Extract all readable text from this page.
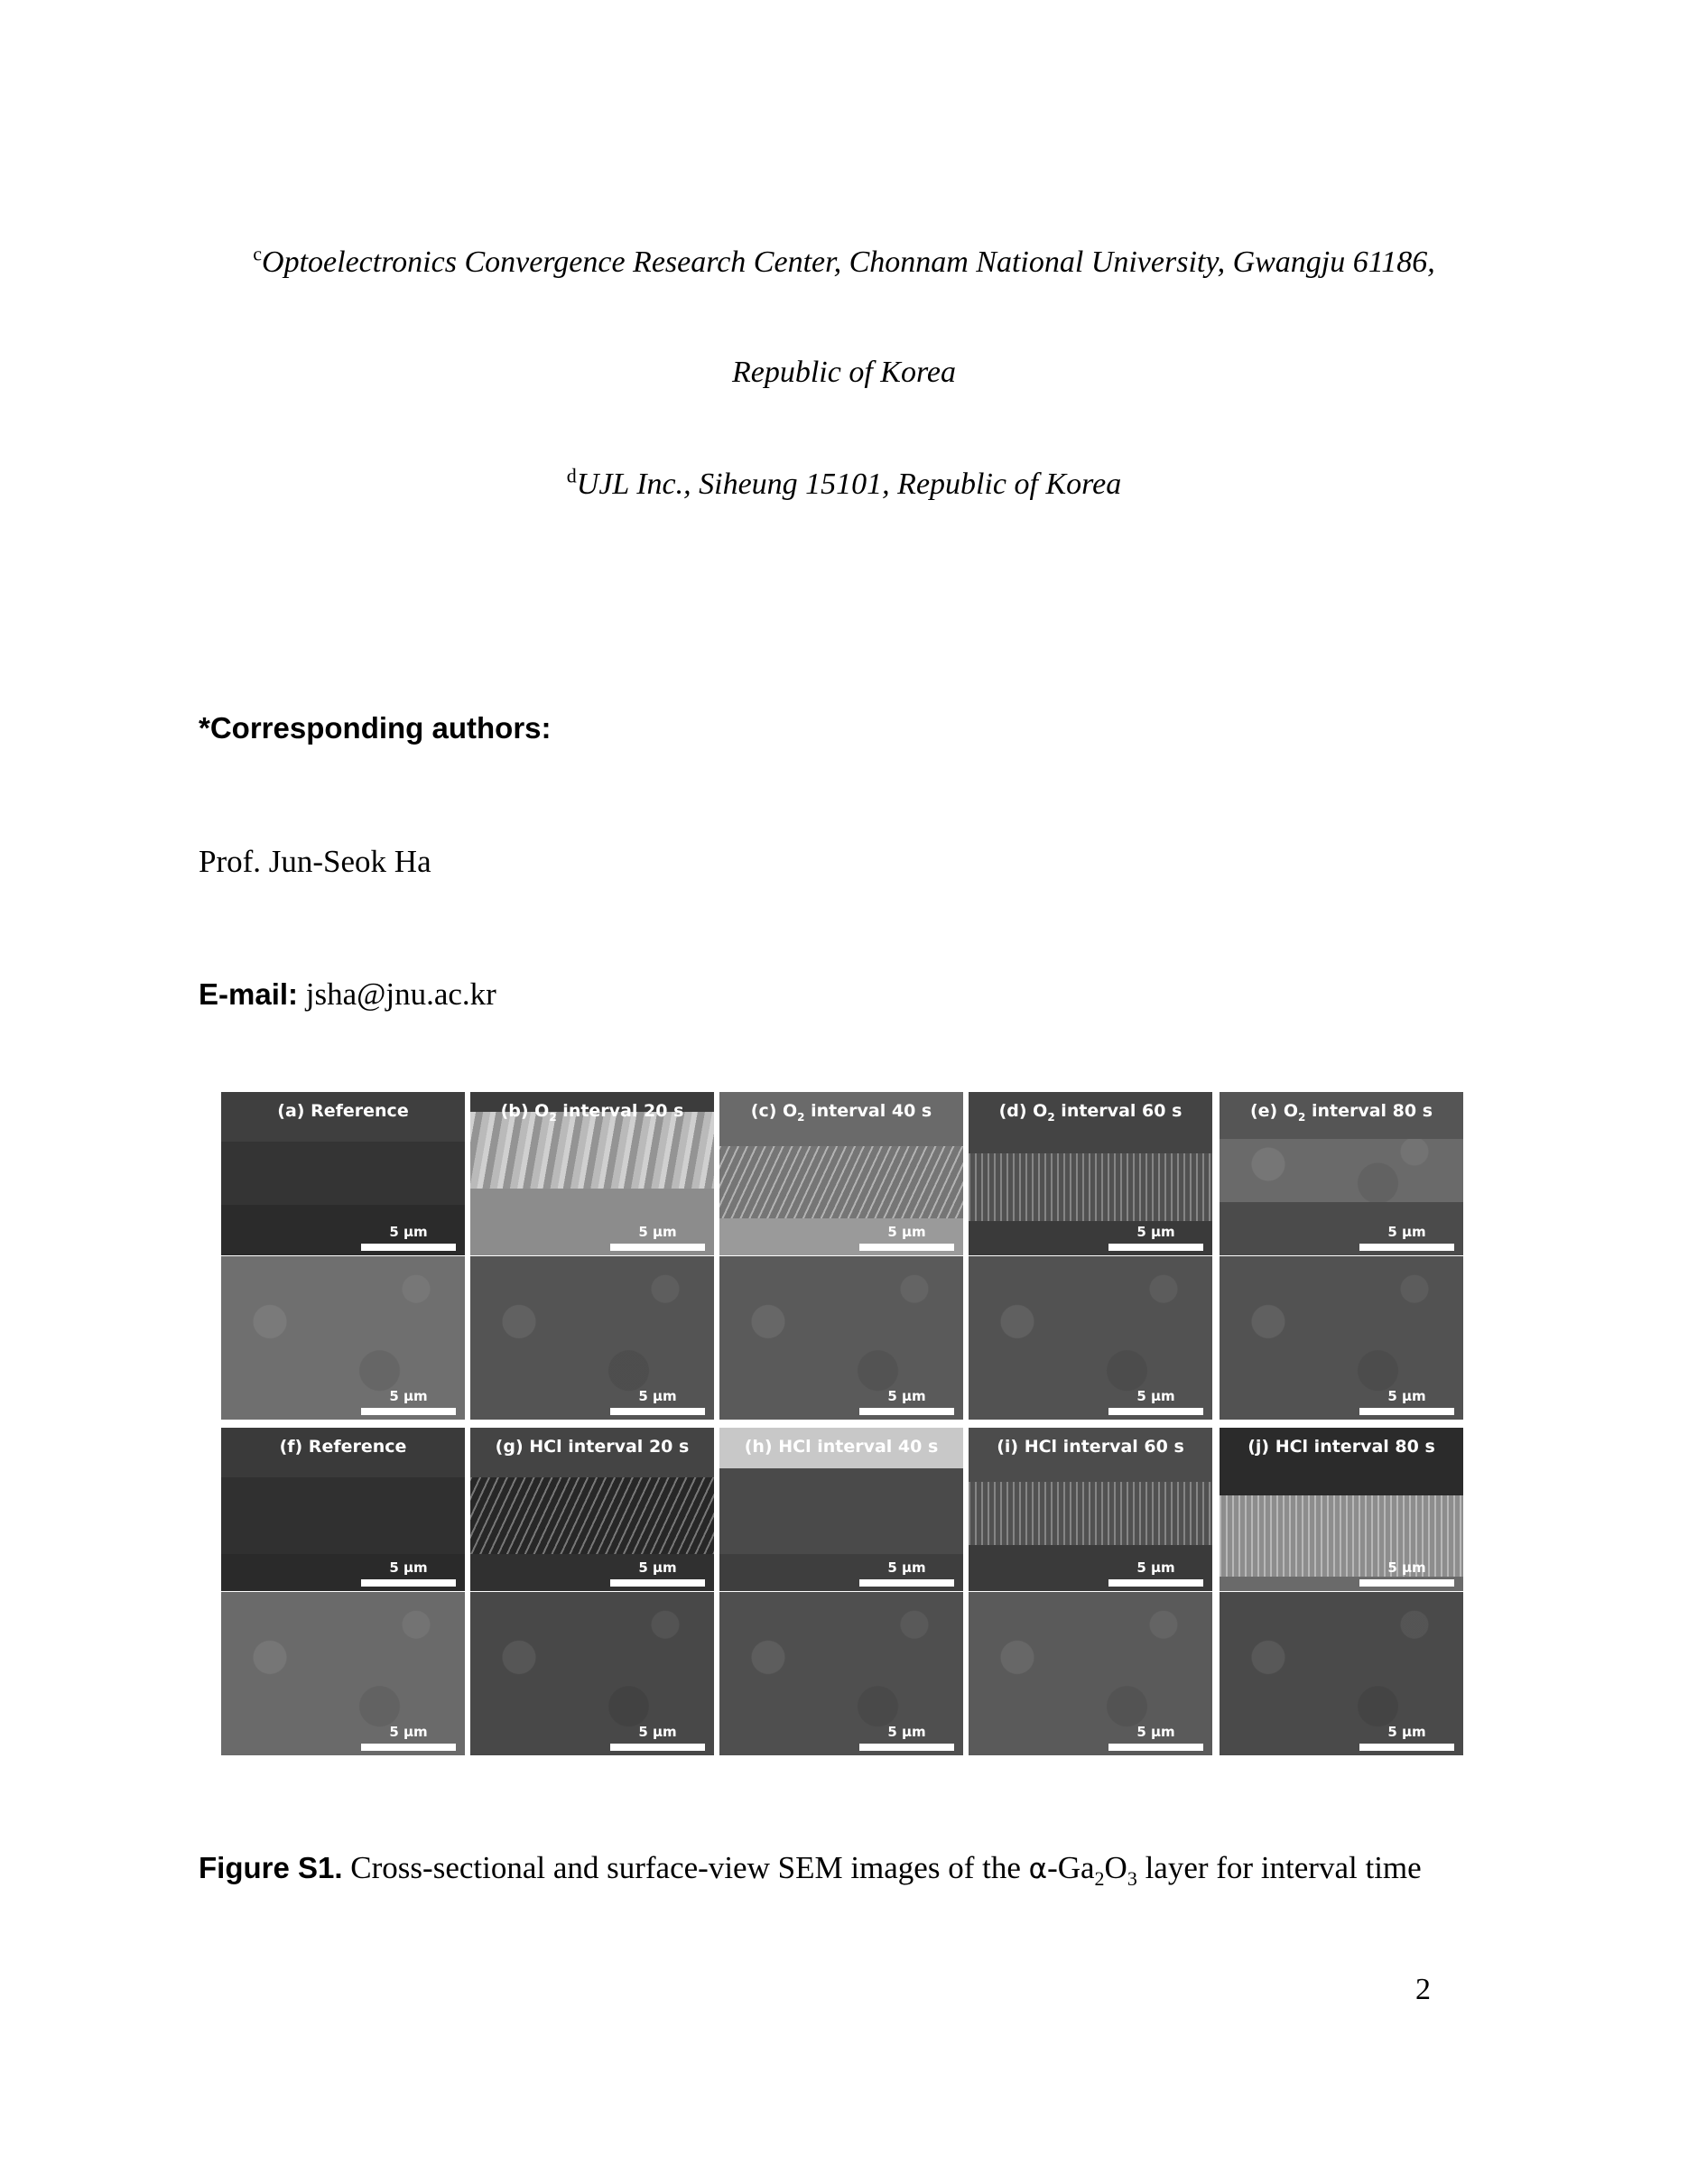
$^c$Optoelectronics Convergence Research Center, Chonnam National University, Gwangju 61186,
Republic of Korea
$^d$UJL Inc., Siheung 15101, Republic of Korea
*Corresponding authors:
Prof. Jun-Seok Ha
E-mail: jsha@jnu.ac.kr
(a) Reference
5 μm
5 μm
(b) $O_2$ interval 20 s
5 μm
5 μm
(c) $O_2$ interval 40 s
5 μm
5 μm
(d) $O_2$ interval 60 s
5 μm
5 μm
(e) $O_2$ interval 80 s
5 μm
5 μm
(f) Reference
5 μm
5 μm
(g) HCl interval 20 s
5 μm
5 μm
(h) HCl interval 40 s
5 μm
5 μm
(i) HCl interval 60 s
5 μm
5 μm
(j) HCl interval 80 s
5 μm
5 μm
Figure S1. Cross-sectional and surface-view SEM images of the $\alpha-Ga_2O_3$ layer for interval time
2
